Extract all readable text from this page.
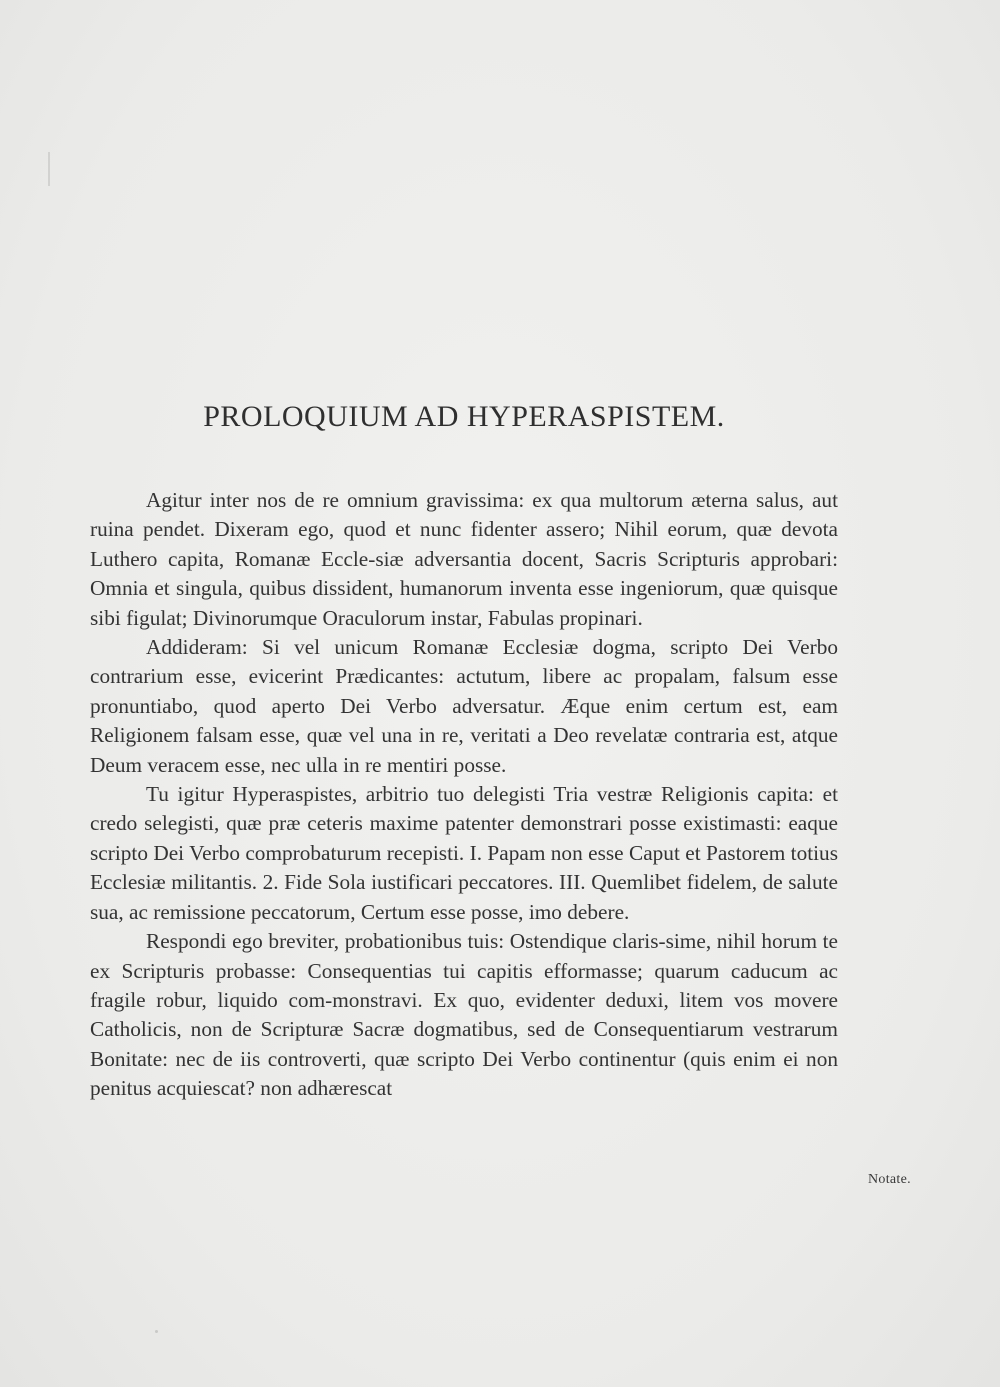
PROLOQUIUM AD HYPERASPISTEM.

Agitur inter nos de re omnium gravissima: ex qua multorum æterna salus, aut ruina pendet. Dixeram ego, quod et nunc fidenter assero; Nihil eorum, quæ devota Luthero capita, Romanæ Eccle-siæ adversantia docent, Sacris Scripturis approbari: Omnia et singula, quibus dissident, humanorum inventa esse ingeniorum, quæ quisque sibi figulat; Divinorumque Oraculorum instar, Fabulas propinari.

Addideram: Si vel unicum Romanæ Ecclesiæ dogma, scripto Dei Verbo contrarium esse, evicerint Prædicantes: actutum, libere ac propalam, falsum esse pronuntiabo, quod aperto Dei Verbo adversatur. Æque enim certum est, eam Religionem falsam esse, quæ vel una in re, veritati a Deo revelatæ contraria est, atque Deum veracem esse, nec ulla in re mentiri posse.

Tu igitur Hyperaspistes, arbitrio tuo delegisti Tria vestræ Religionis capita: et credo selegisti, quæ præ ceteris maxime patenter demonstrari posse existimasti: eaque scripto Dei Verbo comprobaturum recepisti. I. Papam non esse Caput et Pastorem totius Ecclesiæ militantis. 2. Fide Sola iustificari peccatores. III. Quemlibet fidelem, de salute sua, ac remissione peccatorum, Certum esse posse, imo debere.

Respondi ego breviter, probationibus tuis: Ostendique claris-sime, nihil horum te ex Scripturis probasse: Consequentias tui capitis efformasse; quarum caducum ac fragile robur, liquido com-monstravi. Ex quo, evidenter deduxi, litem vos movere Catholicis, non de Scripturæ Sacræ dogmatibus, sed de Consequentiarum vestrarum Bonitate: nec de iis controverti, quæ scripto Dei Verbo continentur (quis enim ei non penitus acquiescat? non adhærescat

Notate.
